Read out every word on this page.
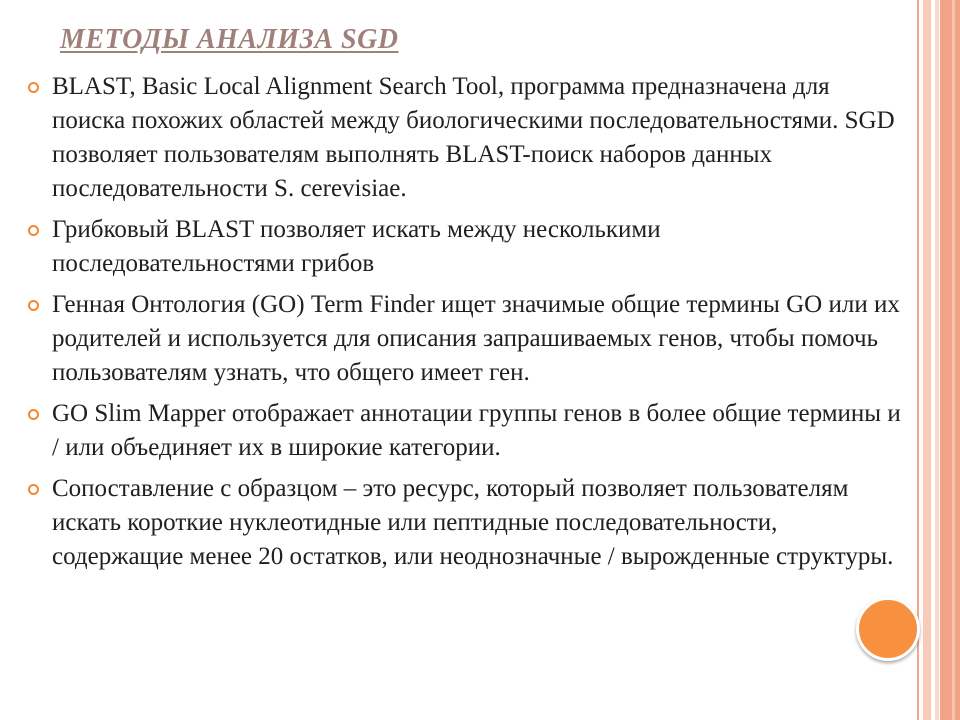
МЕТОДЫ АНАЛИЗА SGD
BLAST, Basic Local Alignment Search Tool, программа предназначена для поиска похожих областей между биологическими последовательностями. SGD позволяет пользователям выполнять BLAST-поиск наборов данных последовательности S. cerevisiae.
Грибковый BLAST позволяет искать между несколькими последовательностями грибов
Генная Онтология (GO) Term Finder ищет значимые общие термины GO или их родителей и используется для описания запрашиваемых генов, чтобы помочь пользователям узнать, что общего имеет ген.
GO Slim Mapper отображает аннотации группы генов в более общие термины и / или объединяет их в широкие категории.
Сопоставление с образцом – это ресурс, который позволяет пользователям искать короткие нуклеотидные или пептидные последовательности, содержащие менее 20 остатков, или неоднозначные / вырожденные структуры.
